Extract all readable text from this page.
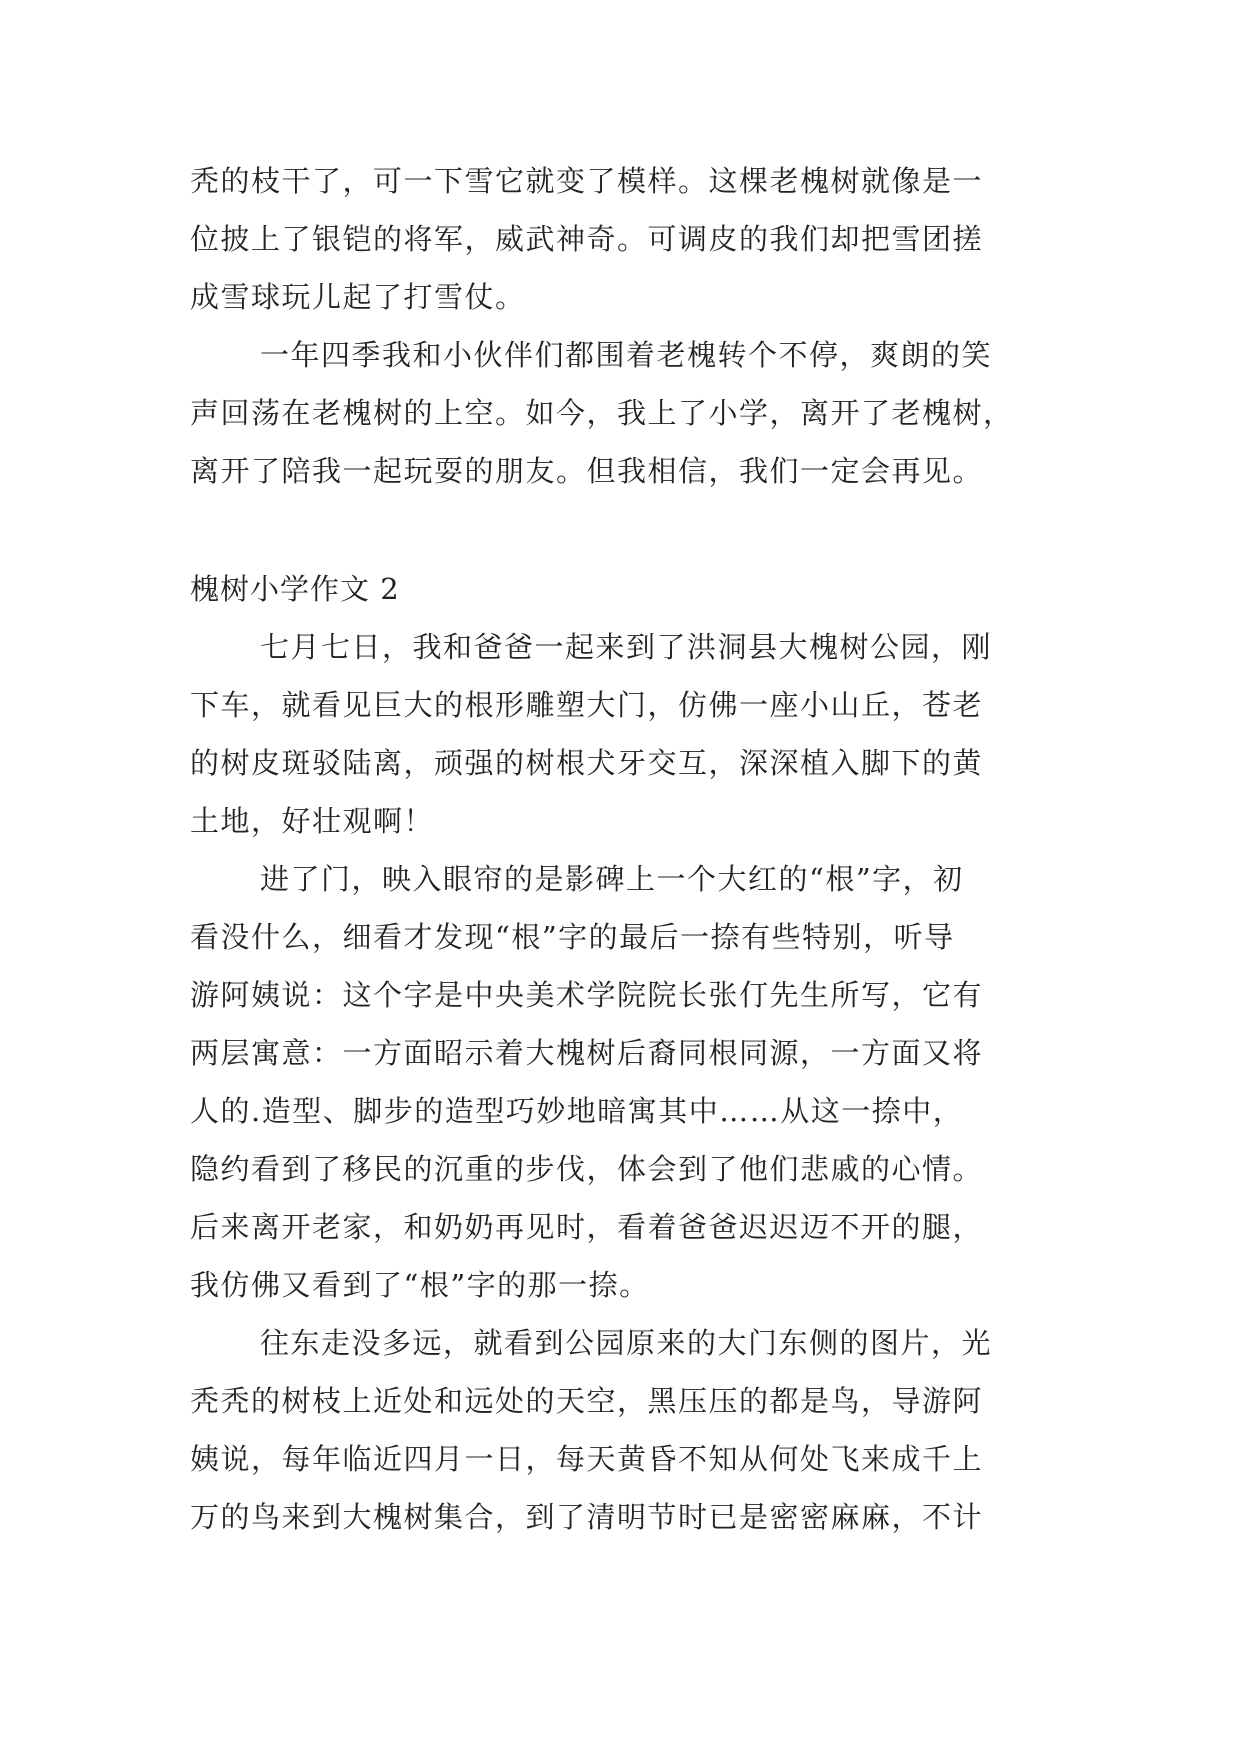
秃的枝干了，可一下雪它就变了模样。这棵老槐树就像是一
位披上了银铠的将军，威武神奇。可调皮的我们却把雪团搓
成雪球玩儿起了打雪仗。
一年四季我和小伙伴们都围着老槐转个不停，爽朗的笑
声回荡在老槐树的上空。如今，我上了小学，离开了老槐树，
离开了陪我一起玩耍的朋友。但我相信，我们一定会再见。
槐树小学作文 2
七月七日，我和爸爸一起来到了洪洞县大槐树公园，刚
下车，就看见巨大的根形雕塑大门，仿佛一座小山丘，苍老
的树皮斑驳陆离，顽强的树根犬牙交互，深深植入脚下的黄
土地，好壮观啊！
进了门，映入眼帘的是影碑上一个大红的“根”字，初
看没什么，细看才发现“根”字的最后一捺有些特别，听导
游阿姨说：这个字是中央美术学院院长张仃先生所写，它有
两层寓意：一方面昭示着大槐树后裔同根同源，一方面又将
人的.造型、脚步的造型巧妙地暗寓其中……从这一捺中，
隐约看到了移民的沉重的步伐，体会到了他们悲戚的心情。
后来离开老家，和奶奶再见时，看着爸爸迟迟迈不开的腿，
我仿佛又看到了“根”字的那一捺。
往东走没多远，就看到公园原来的大门东侧的图片，光
秃秃的树枝上近处和远处的天空，黑压压的都是鸟，导游阿
姨说，每年临近四月一日，每天黄昏不知从何处飞来成千上
万的鸟来到大槐树集合，到了清明节时已是密密麻麻，不计
